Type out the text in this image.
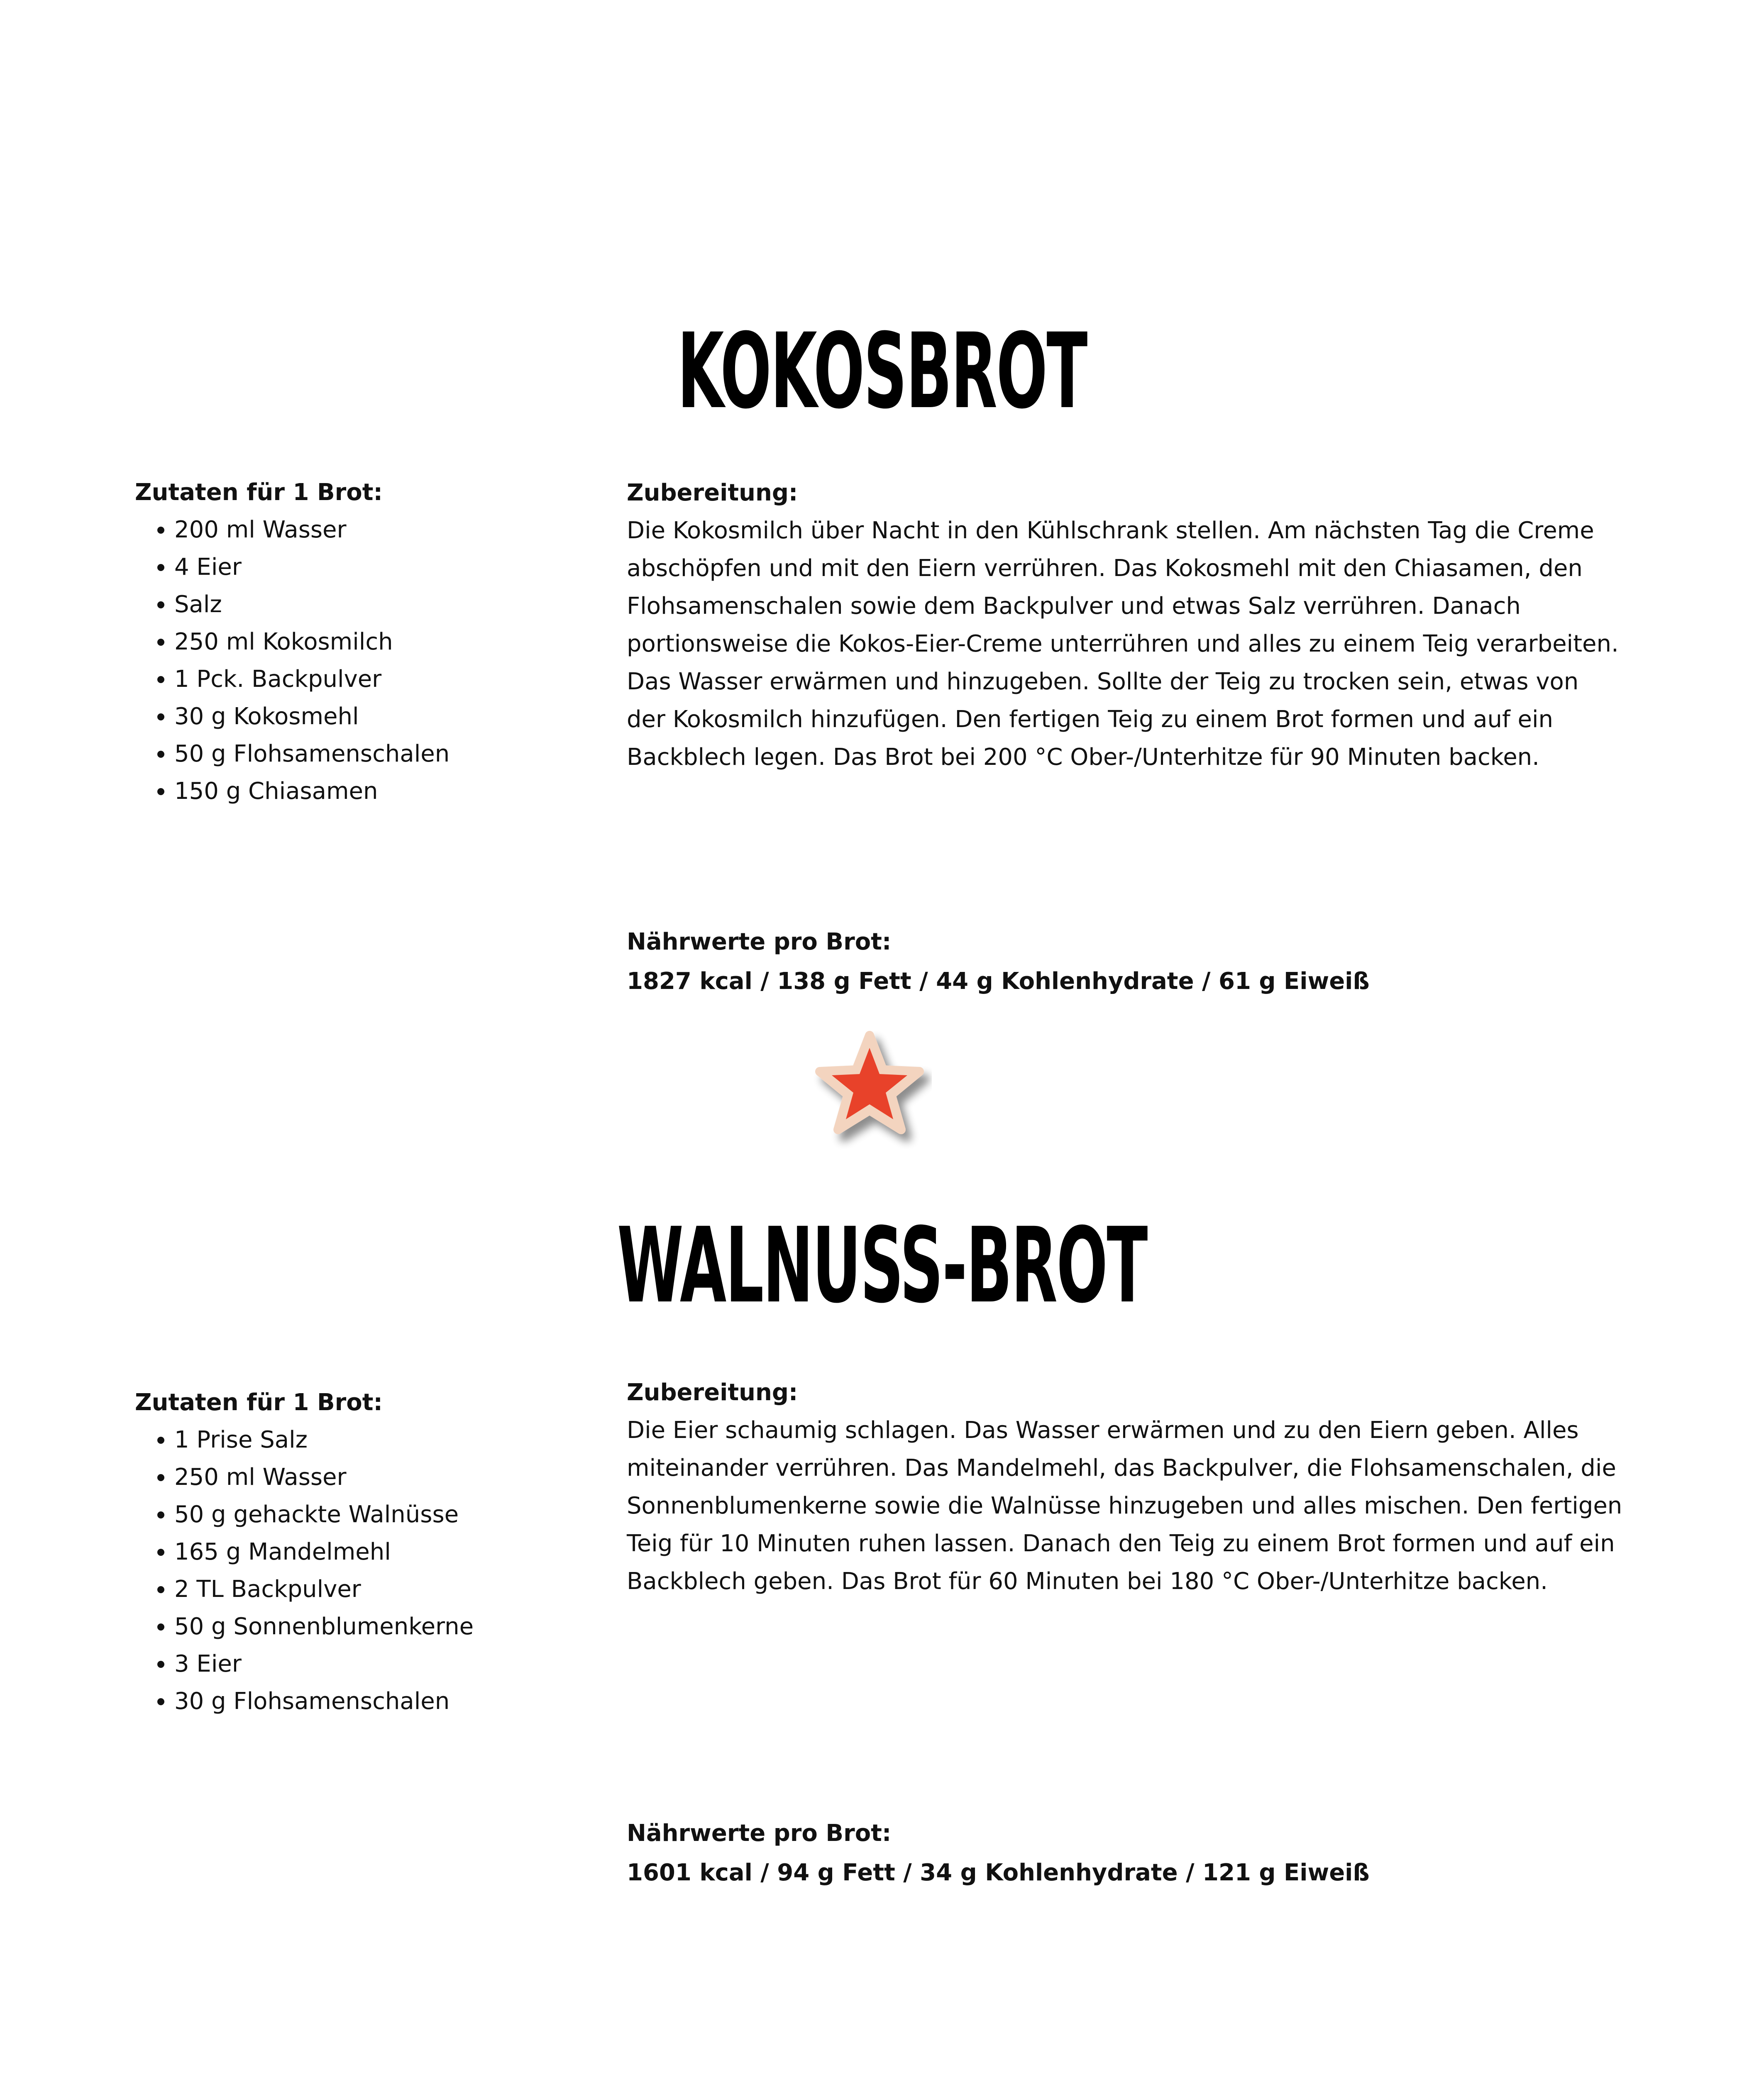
KOKOSBROT

Zutaten für 1 Brot:

• 200 ml Wasser
• 4 Eier
• Salz
• 250 ml Kokosmilch
• 1 Pck. Backpulver
• 30 g Kokosmehl
• 50 g Flohsamenschalen
• 150 g Chiasamen

Zubereitung:

Die Kokosmilch über Nacht in den Kühlschrank stellen. Am nächsten Tag die Creme abschöpfen und mit den Eiern verrühren. Das Kokosmehl mit den Chiasamen, den Flohsamenschalen sowie dem Backpulver und etwas Salz verrühren. Danach portionsweise die Kokos-Eier-Creme unterrühren und alles zu einem Teig verarbeiten. Das Wasser erwärmen und hinzugeben. Sollte der Teig zu trocken sein, etwas von der Kokosmilch hinzufügen. Den fertigen Teig zu einem Brot formen und auf ein Backblech legen. Das Brot bei 200 °C Ober-/Unterhitze für 90 Minuten backen.

Nährwerte pro Brot:

1827 kcal / 138 g Fett / 44 g Kohlenhydrate / 61 g Eiweiß

WALNUSS-BROT

Zutaten für 1 Brot:

• 1 Prise Salz
• 250 ml Wasser
• 50 g gehackte Walnüsse
• 165 g Mandelmehl
• 2 TL Backpulver
• 50 g Sonnenblumenkerne
• 3 Eier
• 30 g Flohsamenschalen

Zubereitung:

Die Eier schaumig schlagen. Das Wasser erwärmen und zu den Eiern geben. Alles miteinander verrühren. Das Mandelmehl, das Backpulver, die Flohsamenschalen, die Sonnenblumenkerne sowie die Walnüsse hinzugeben und alles mischen. Den fertigen Teig für 10 Minuten ruhen lassen. Danach den Teig zu einem Brot formen und auf ein Backblech geben. Das Brot für 60 Minuten bei 180 °C Ober-/Unterhitze backen.

Nährwerte pro Brot:

1601 kcal / 94 g Fett / 34 g Kohlenhydrate / 121 g Eiweiß
